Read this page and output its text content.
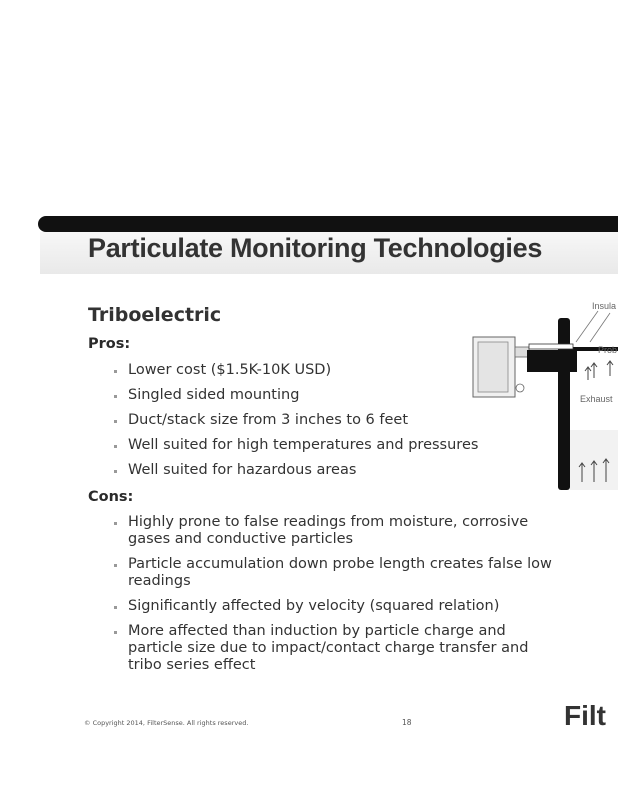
Particulate Monitoring Technologies
Triboelectric
Pros:
Lower cost ($1.5K-10K USD)
Singled sided mounting
Duct/stack size from 3 inches to 6 feet
Well suited for high temperatures and pressures
Well suited for hazardous areas
Cons:
Highly prone to false readings from moisture, corrosive gases and conductive particles
Particle accumulation down probe length creates false low readings
Significantly affected by velocity (squared relation)
More affected than induction by particle charge and particle size due to impact/contact charge transfer and tribo series effect
Insula
Prob
Exhaust
© Copyright 2014, FilterSense. All rights reserved.	18	Filt
